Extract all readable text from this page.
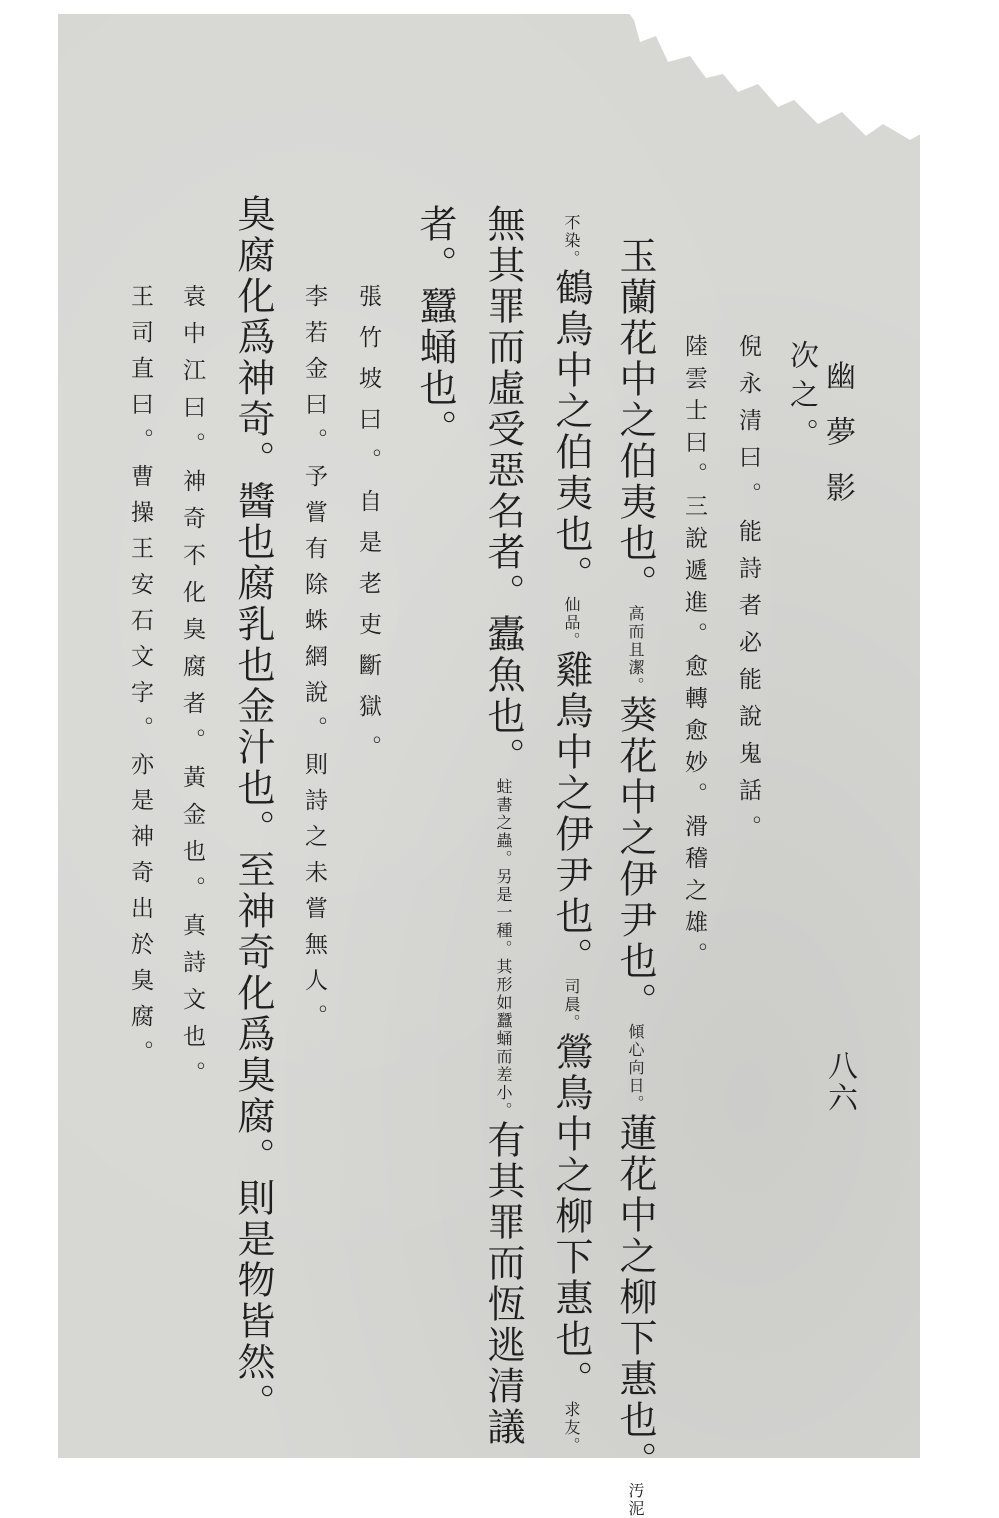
幽夢影
八六
次之。
倪永清曰。能詩者必能說鬼話。
陸雲士曰。三說遞進。愈轉愈妙。滑稽之雄。
玉蘭花中之伯夷也。高而且潔。葵花中之伊尹也。傾心向日。蓮花中之柳下惠也。汚泥
不染。鶴鳥中之伯夷也。仙品。雞鳥中之伊尹也。司晨。鶯鳥中之柳下惠也。求友。
無其罪而虛受惡名者。蠹魚也。蛀書之蟲。另是一種。其形如蠶蛹而差小。有其罪而恆逃清議
者。蠶蛹也。
張竹坡曰。自是老吏斷獄。
李若金曰。予嘗有除蛛網說。則詩之未嘗無人。
臭腐化爲神奇。醬也腐乳也金汁也。至神奇化爲臭腐。則是物皆然。
袁中江曰。神奇不化臭腐者。黃金也。真詩文也。
王司直曰。曹操王安石文字。亦是神奇出於臭腐。
